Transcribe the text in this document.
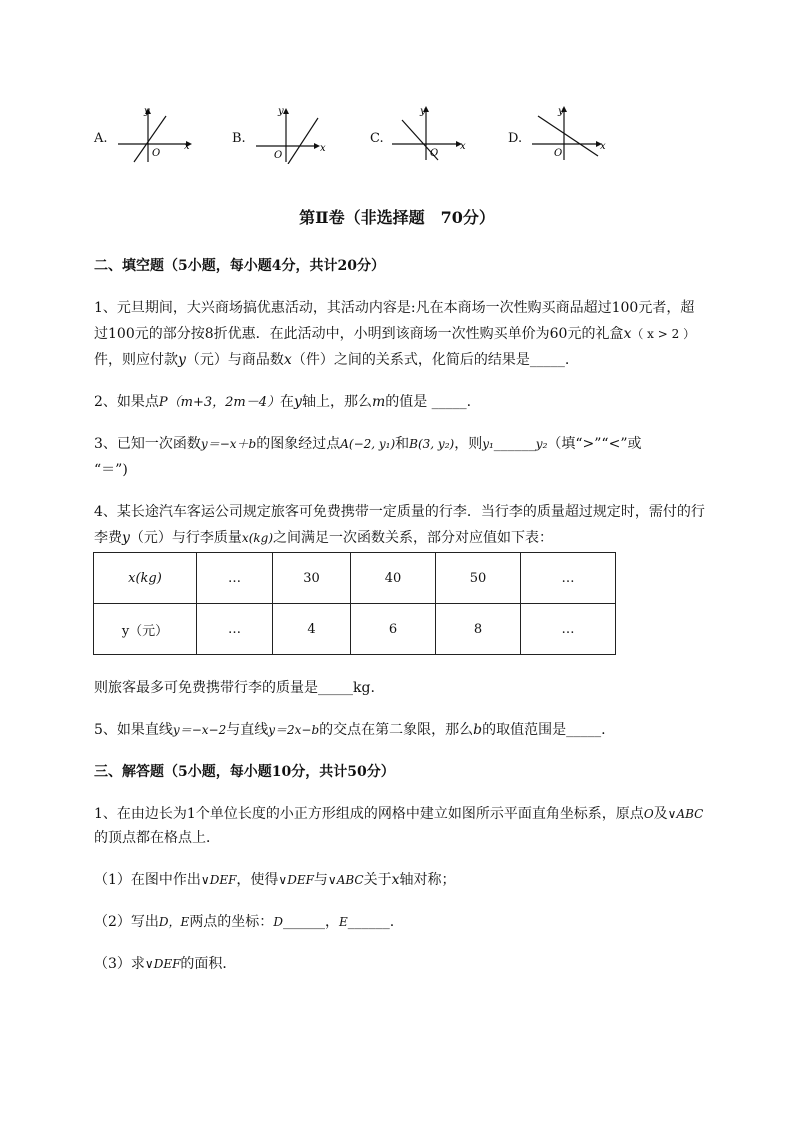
A.
y
x
O
B.
y
x
O
C.
y
x
O
D.
y
x
O
第Ⅱ卷（非选择题　70分）
二、填空题（5小题，每小题4分，共计20分）
1、元旦期间，大兴商场搞优惠活动，其活动内容是:凡在本商场一次性购买商品超过100元者，超
过100元的部分按8折优惠．在此活动中，小明到该商场一次性购买单价为60元的礼盒x（ x > 2 ）
件，则应付款y（元）与商品数x（件）之间的关系式，化简后的结果是_____.
2、如果点P（m+3，2m－4）在y轴上，那么m的值是 _____.
3、已知一次函数y＝−x＋b的图象经过点A(−2, y₁)和B(3, y₂)，则y₁______y₂（填“>”“<”或
“＝”)
4、某长途汽车客运公司规定旅客可免费携带一定质量的行李．当行李的质量超过规定时，需付的行
李费y（元）与行李质量x(kg)之间满足一次函数关系，部分对应值如下表：
x(kg)	…	30	40	50	…
y（元）	…	4	6	8	…
则旅客最多可免费携带行李的质量是_____kg.
5、如果直线y＝−x−2与直线y＝2x−b的交点在第二象限，那么b的取值范围是_____.
三、解答题（5小题，每小题10分，共计50分）
1、在由边长为1个单位长度的小正方形组成的网格中建立如图所示平面直角坐标系，原点O及∨ABC
的顶点都在格点上．
（1）在图中作出∨DEF，使得∨DEF与∨ABC关于x轴对称；
（2）写出D，E两点的坐标：D______，E______.
（3）求∨DEF的面积．
